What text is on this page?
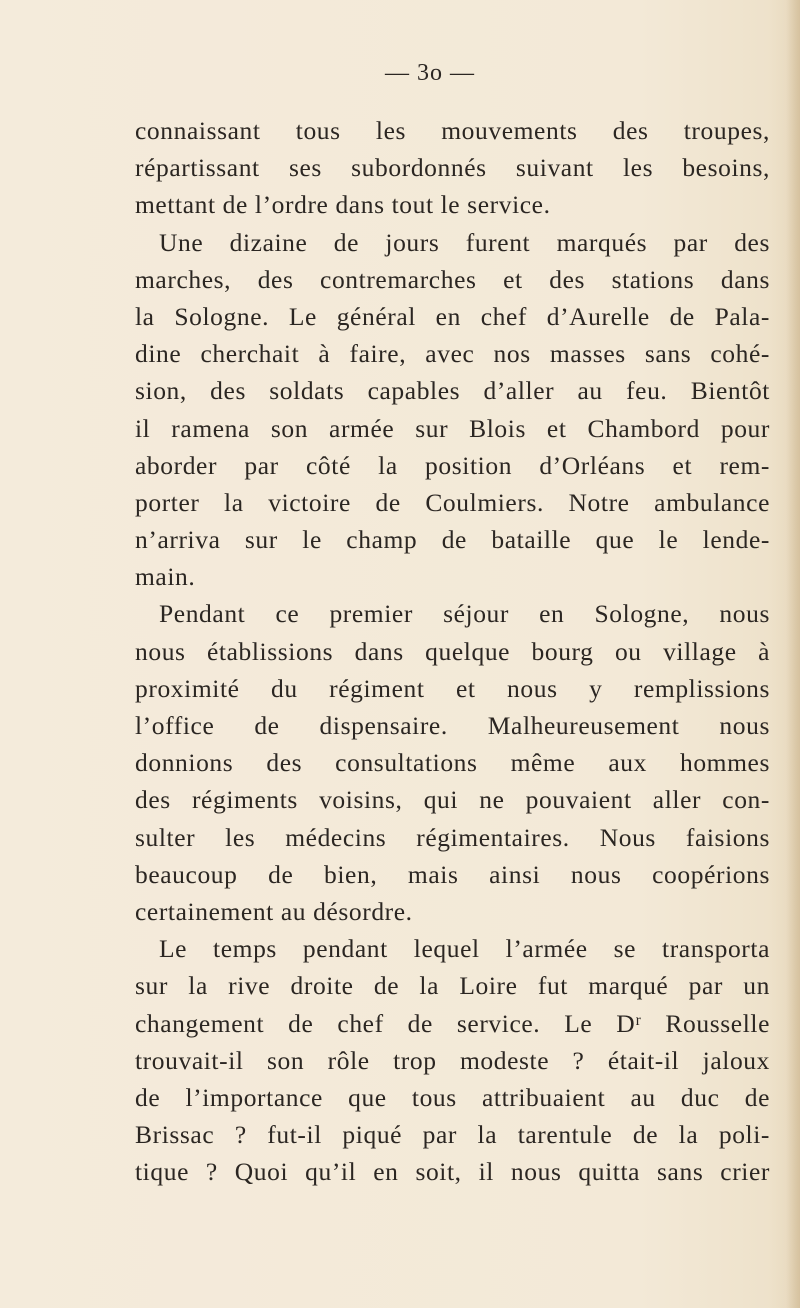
— 3o —
connaissant tous les mouvements des troupes,
répartissant ses subordonnés suivant les besoins,
mettant de l’ordre dans tout le service.
Une dizaine de jours furent marqués par des
marches, des contremarches et des stations dans
la Sologne. Le général en chef d’Aurelle de Pala-
dine cherchait à faire, avec nos masses sans cohé-
sion, des soldats capables d’aller au feu. Bientôt
il ramena son armée sur Blois et Chambord pour
aborder par côté la position d’Orléans et rem-
porter la victoire de Coulmiers. Notre ambulance
n’arriva sur le champ de bataille que le lende-
main.
Pendant ce premier séjour en Sologne, nous
nous établissions dans quelque bourg ou village à
proximité du régiment et nous y remplissions
l’office de dispensaire. Malheureusement nous
donnions des consultations même aux hommes
des régiments voisins, qui ne pouvaient aller con-
sulter les médecins régimentaires. Nous faisions
beaucoup de bien, mais ainsi nous coopérions
certainement au désordre.
Le temps pendant lequel l’armée se transporta
sur la rive droite de la Loire fut marqué par un
changement de chef de service. Le Dʳ Rousselle
trouvait-il son rôle trop modeste ? était-il jaloux
de l’importance que tous attribuaient au duc de
Brissac ? fut-il piqué par la tarentule de la poli-
tique ? Quoi qu’il en soit, il nous quitta sans crier
